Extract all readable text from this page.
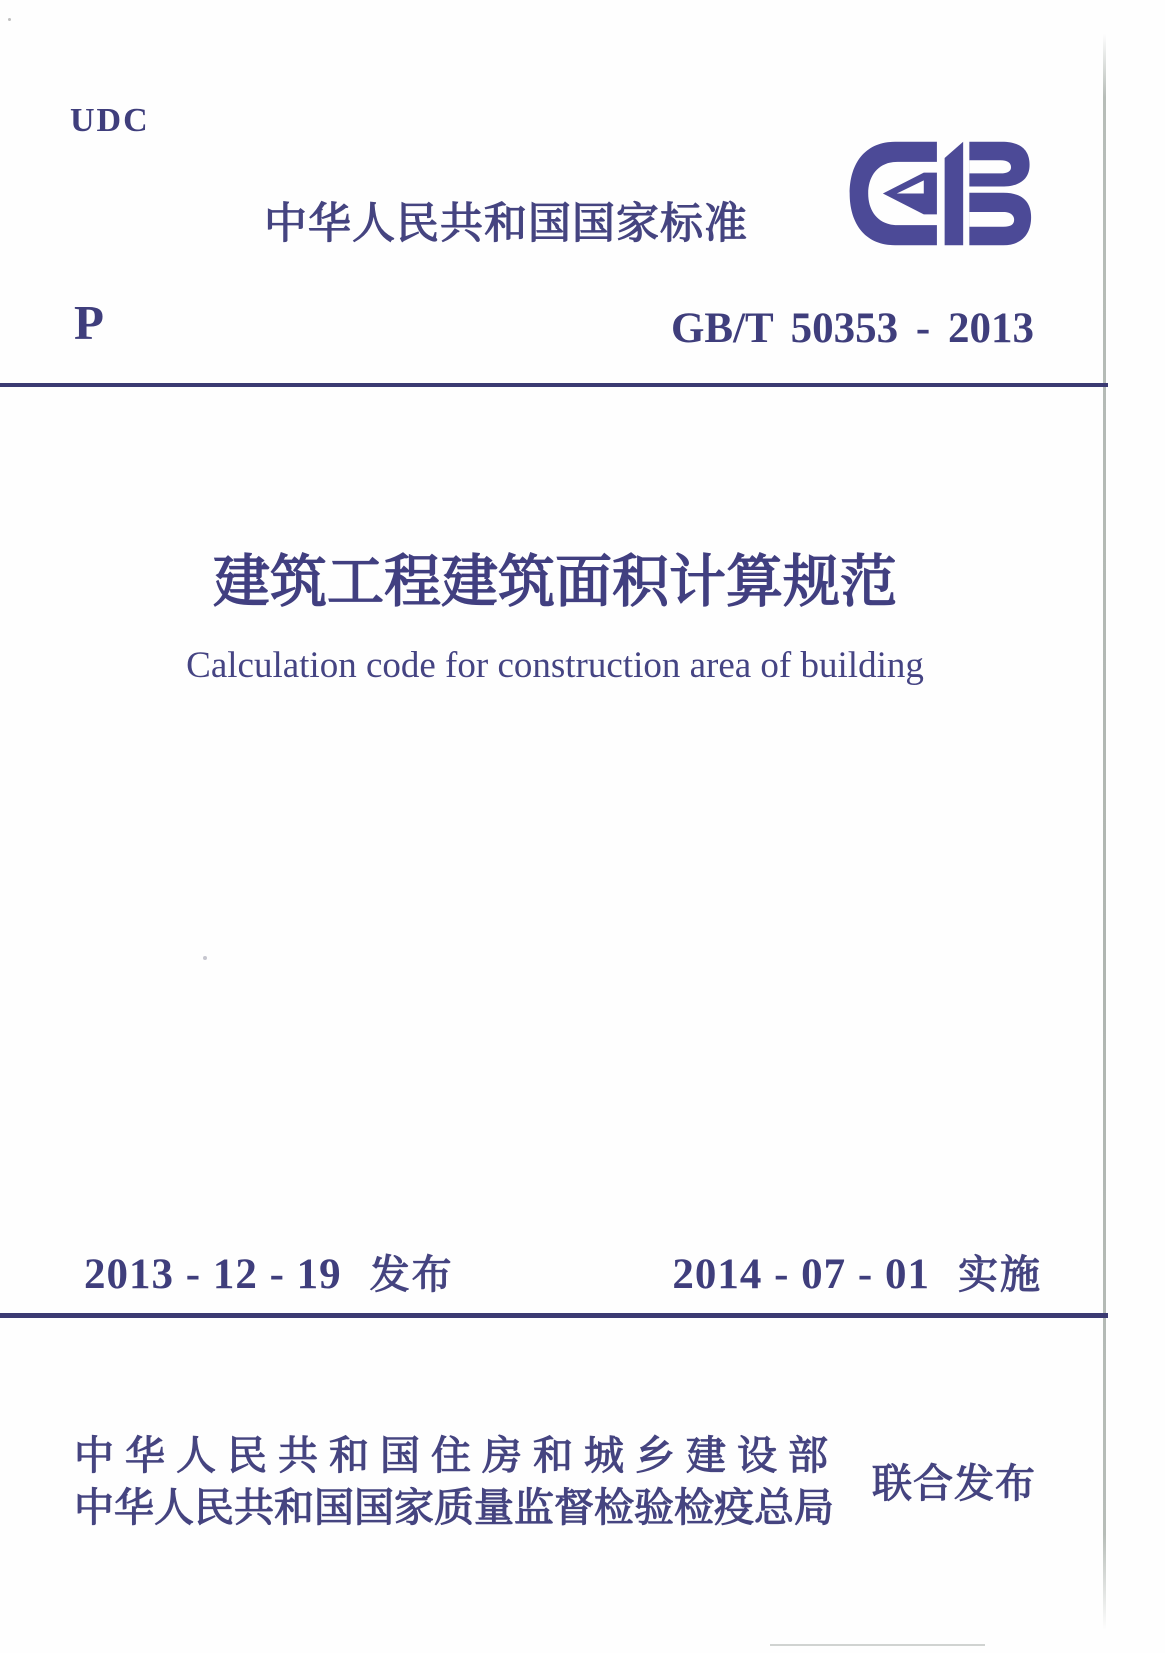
UDC
P
中华人民共和国国家标准
GB/T 50353 - 2013
建筑工程建筑面积计算规范
Calculation code for construction area of building
2013 - 12 - 19 发布	2014 - 07 - 01 实施
中华人民共和国住房和城乡建设部
中华人民共和国国家质量监督检验检疫总局
联合发布
